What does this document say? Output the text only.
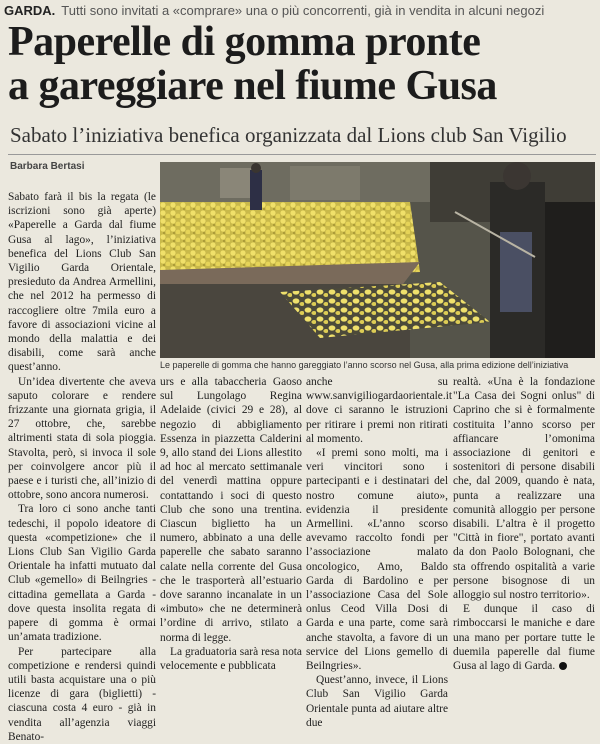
GARDA. Tutti sono invitati a «comprare» una o più concorrenti, già in vendita in alcuni negozi
Paperelle di gomma pronte
a gareggiare nel fiume Gusa
Sabato l’iniziativa benefica organizzata dal Lions club San Vigilio
Barbara Bertasi

Sabato farà il bis la regata (le iscrizioni sono già aperte) «Paperelle a Garda dal fiume Gusa al lago», l’iniziativa benefica del Lions Club San Vigilio Garda Orientale, presieduto da Andrea Armellini, che nel 2012 ha permesso di raccogliere oltre 7mila euro a favore di associazioni vicine al mondo della malattia e dei disabili, come sarà anche quest’anno.

Un’idea divertente che aveva saputo colorare e rendere frizzante una giornata grigia, il 27 ottobre, che, sarebbe altrimenti stata di sola pioggia. Stavolta, però, si invoca il sole per coinvolgere ancor più il paese e i turisti che, all’inizio di ottobre, sono ancora numerosi.

Tra loro ci sono anche tanti tedeschi, il popolo ideatore di questa «competizione» che il Lions Club San Vigilio Garda Orientale ha infatti mutuato dal Club «gemello» di Beilngries - cittadina gemellata a Garda - dove questa insolita regata di papere di gomma è ormai un’amata tradizione.

Per partecipare alla competizione e rendersi quindi utili basta acquistare una o più licenze di gara (biglietti) - ciascuna costa 4 euro - già in vendita all’agenzia viaggi Benato-

Le paperelle di gomma che hanno gareggiato l’anno scorso nel Gusa, alla prima edizione dell’iniziativa

urs e alla tabaccheria Gaoso sul Lungolago Regina Adelaide (civici 29 e 28), al negozio di abbigliamento Essenza in piazzetta Calderini 9, allo stand dei Lions allestito ad hoc al mercato settimanale del venerdì mattina oppure contattando i soci di questo Club che sono una trentina. Ciascun biglietto ha un numero, abbinato a una delle paperelle che sabato saranno calate nella corrente del Gusa che le trasporterà all’estuario dove saranno incanalate in un «imbuto» che ne determinerà l’ordine di arrivo, stilato a norma di legge.

La graduatoria sarà resa nota velocemente e pubblicata

anche su www.sanvigiliogardaorientale.it dove ci saranno le istruzioni per ritirare i premi non ritirati al momento.

«I premi sono molti, ma i veri vincitori sono i partecipanti e i destinatari del nostro comune aiuto», evidenzia il presidente Armellini. «L’anno scorso avevamo raccolto fondi per l’associazione malato oncologico, Amo, Baldo Garda di Bardolino e per l’associazione Casa del Sole onlus Ceod Villa Dosi di Garda e una parte, come sarà anche stavolta, a favore di un service del Lions gemello di Beilngries».

Quest’anno, invece, il Lions Club San Vigilio Garda Orientale punta ad aiutare altre due

realtà. «Una è la fondazione "La Casa dei Sogni onlus" di Caprino che si è formalmente costituita l’anno scorso per affiancare l’omonima associazione di genitori e sostenitori di persone disabili che, dal 2009, quando è nata, punta a realizzare una comunità alloggio per persone disabili. L’altra è il progetto "Città in fiore", portato avanti da don Paolo Bolognani, che sta offrendo ospitalità a varie persone bisognose di un alloggio sul nostro territorio».

E dunque il caso di rimboccarsi le maniche e dare una mano per portare tutte le duemila paperelle dal fiume Gusa al lago di Garda.
